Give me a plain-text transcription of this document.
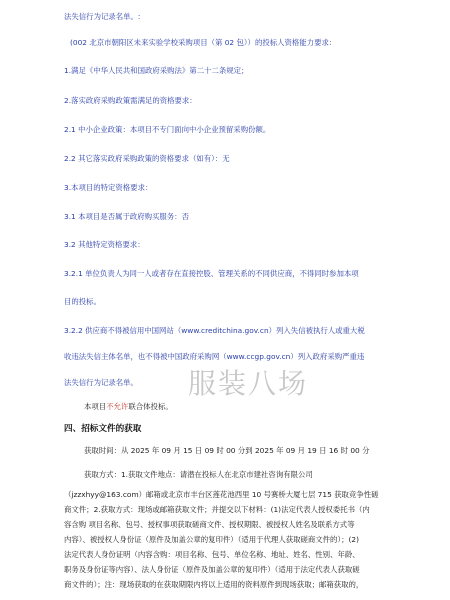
法失信行为记录名单。:
(002 北京市朝阳区未来实验学校采购项目（第 02 包））的投标人资格能力要求：
1.满足《中华人民共和国政府采购法》第二十二条规定；
2.落实政府采购政策需满足的资格要求：
2.1 中小企业政策：本项目不专门面向中小企业预留采购份额。
2.2 其它落实政府采购政策的资格要求（如有）：无
3.本项目的特定资格要求：
3.1 本项目是否属于政府购买服务：否
3.2 其他特定资格要求：
3.2.1 单位负责人为同一人或者存在直接控股、管理关系的不同供应商，不得同时参加本项
目的投标。
3.2.2 供应商不得被信用中国网站（www.creditchina.gov.cn）列入失信被执行人或重大税
收违法失信主体名单，也不得被中国政府采购网（www.ccgp.gov.cn）列入政府采购严重违
法失信行为记录名单。
本项目不允许联合体投标。
服装八场
四、招标文件的获取
获取时间：从 2025 年 09 月 15 日 09 时 00 分到 2025 年 09 月 19 日 16 时 00 分
获取方式：1.获取文件地点：请潜在投标人在北京市建社咨询有限公司
（jzzxhyy@163.com）邮箱或北京市丰台区莲花池西里 10 号赛桥大厦七层 715 获取竞争性磋
商文件；2.获取方式：现场或邮箱获取文件；并提交以下材料：(1)法定代表人授权委托书（内
容含购 项目名称、包号、授权事项获取磋商文件、授权期限、被授权人姓名及联系方式等
内容）、被授权人身份证（原件及加盖公章的复印件）（适用于代理人获取磋商文件的）；(2)
法定代表人身份证明（内容含购：项目名称、包号、单位名称、地址、姓名、性别、年龄、
职务及身份证等内容）、法人身份证（原件及加盖公章的复印件）（适用于法定代表人获取磋
商文件的）；注：现场获取的在获取期限内将以上适用的资料原件到现场获取；邮箱获取的，
